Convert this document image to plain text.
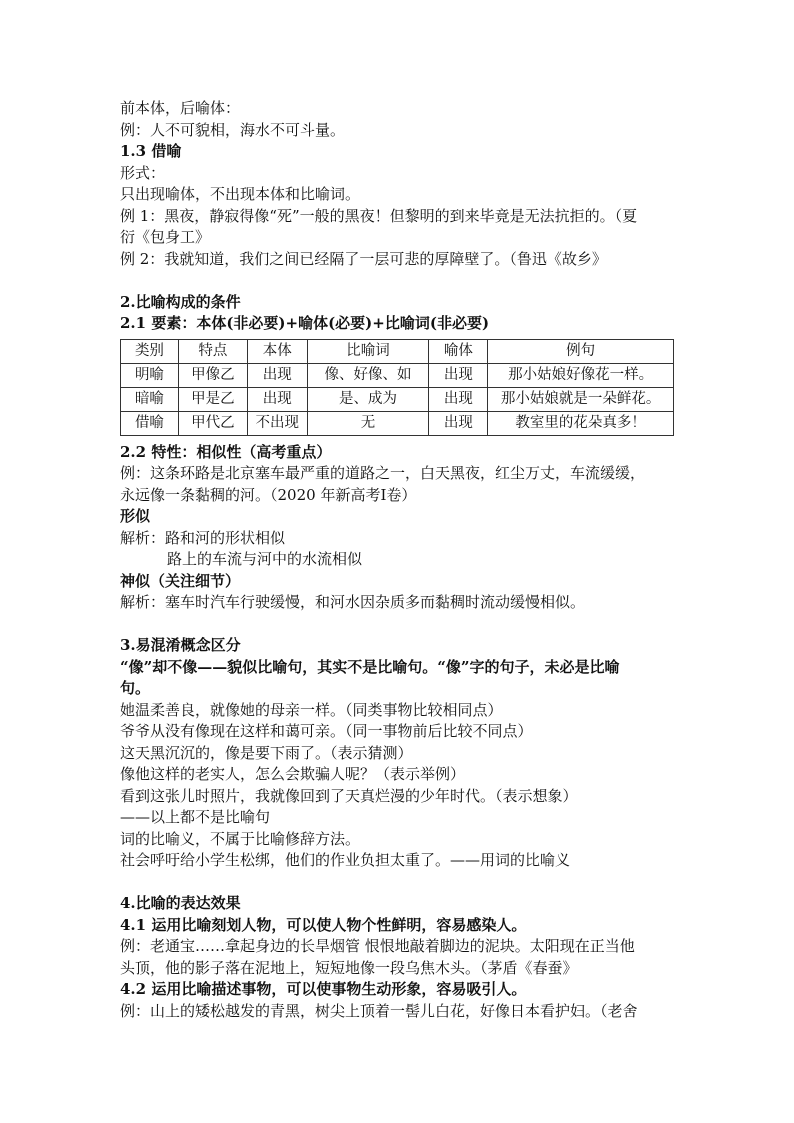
前本体，后喻体：
例：人不可貌相，海水不可斗量。
1.3 借喻
形式：
只出现喻体，不出现本体和比喻词。
例 1：黑夜，静寂得像“死”一般的黑夜！但黎明的到来毕竟是无法抗拒的。（夏
衍《包身工》
例 2：我就知道，我们之间已经隔了一层可悲的厚障壁了。（鲁迅《故乡》
2.比喻构成的条件
2.1 要素：本体(非必要)+喻体(必要)+比喻词(非必要)
类别	特点	本体	比喻词	喻体	例句
明喻	甲像乙	出现	像、好像、如	出现	那小姑娘好像花一样。
暗喻	甲是乙	出现	是、成为	出现	那小姑娘就是一朵鲜花。
借喻	甲代乙	不出现	无	出现	教室里的花朵真多！
2.2 特性：相似性（高考重点）
例：这条环路是北京塞车最严重的道路之一，白天黑夜，红尘万丈，车流缓缓，
永远像一条黏稠的河。（2020 年新高考Ⅰ卷）
形似
解析：路和河的形状相似
路上的车流与河中的水流相似
神似（关注细节）
解析：塞车时汽车行驶缓慢，和河水因杂质多而黏稠时流动缓慢相似。
3.易混淆概念区分
“像”却不像——貌似比喻句，其实不是比喻句。“像”字的句子，未必是比喻
句。
她温柔善良，就像她的母亲一样。（同类事物比较相同点）
爷爷从没有像现在这样和蔼可亲。（同一事物前后比较不同点）
这天黑沉沉的，像是要下雨了。（表示猜测）
像他这样的老实人，怎么会欺骗人呢？（表示举例）
看到这张儿时照片，我就像回到了天真烂漫的少年时代。（表示想象）
——以上都不是比喻句
词的比喻义，不属于比喻修辞方法。
社会呼吁给小学生松绑，他们的作业负担太重了。——用词的比喻义
4.比喻的表达效果
4.1 运用比喻刻划人物，可以使人物个性鲜明，容易感染人。
例：老通宝……拿起身边的长旱烟管 恨恨地敲着脚边的泥块。太阳现在正当他
头顶，他的影子落在泥地上，短短地像一段乌焦木头。（茅盾《春蚕》
4.2 运用比喻描述事物，可以使事物生动形象，容易吸引人。
例：山上的矮松越发的青黑，树尖上顶着一髻儿白花，好像日本看护妇。（老舍
